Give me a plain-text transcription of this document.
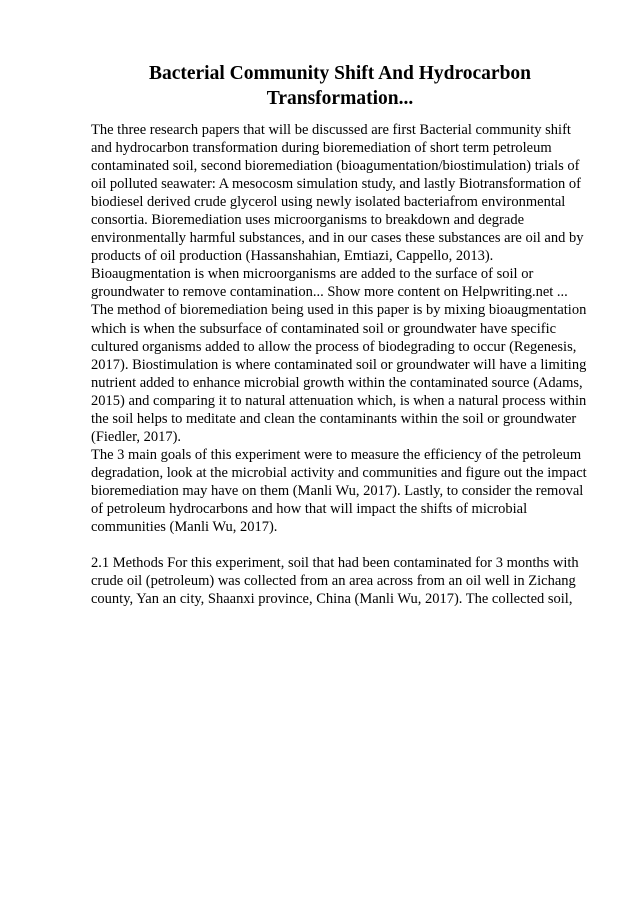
Bacterial Community Shift And Hydrocarbon
Transformation...
The three research papers that will be discussed are first Bacterial community shift
and hydrocarbon transformation during bioremediation of short term petroleum
contaminated soil, second bioremediation (bioagumentation/biostimulation) trials of
oil polluted seawater: A mesocosm simulation study, and lastly Biotransformation of
biodiesel derived crude glycerol using newly isolated bacteriafrom environmental
consortia. Bioremediation uses microorganisms to breakdown and degrade
environmentally harmful substances, and in our cases these substances are oil and by
products of oil production (Hassanshahian, Emtiazi, Cappello, 2013).
Bioaugmentation is when microorganisms are added to the surface of soil or
groundwater to remove contamination... Show more content on Helpwriting.net ...
The method of bioremediation being used in this paper is by mixing bioaugmentation
which is when the subsurface of contaminated soil or groundwater have specific
cultured organisms added to allow the process of biodegrading to occur (Regenesis,
2017). Biostimulation is where contaminated soil or groundwater will have a limiting
nutrient added to enhance microbial growth within the contaminated source (Adams,
2015) and comparing it to natural attenuation which, is when a natural process within
the soil helps to meditate and clean the contaminants within the soil or groundwater
(Fiedler, 2017).
The 3 main goals of this experiment were to measure the efficiency of the petroleum
degradation, look at the microbial activity and communities and figure out the impact
bioremediation may have on them (Manli Wu, 2017). Lastly, to consider the removal
of petroleum hydrocarbons and how that will impact the shifts of microbial
communities (Manli Wu, 2017).
2.1 Methods For this experiment, soil that had been contaminated for 3 months with
crude oil (petroleum) was collected from an area across from an oil well in Zichang
county, Yan an city, Shaanxi province, China (Manli Wu, 2017). The collected soil,
